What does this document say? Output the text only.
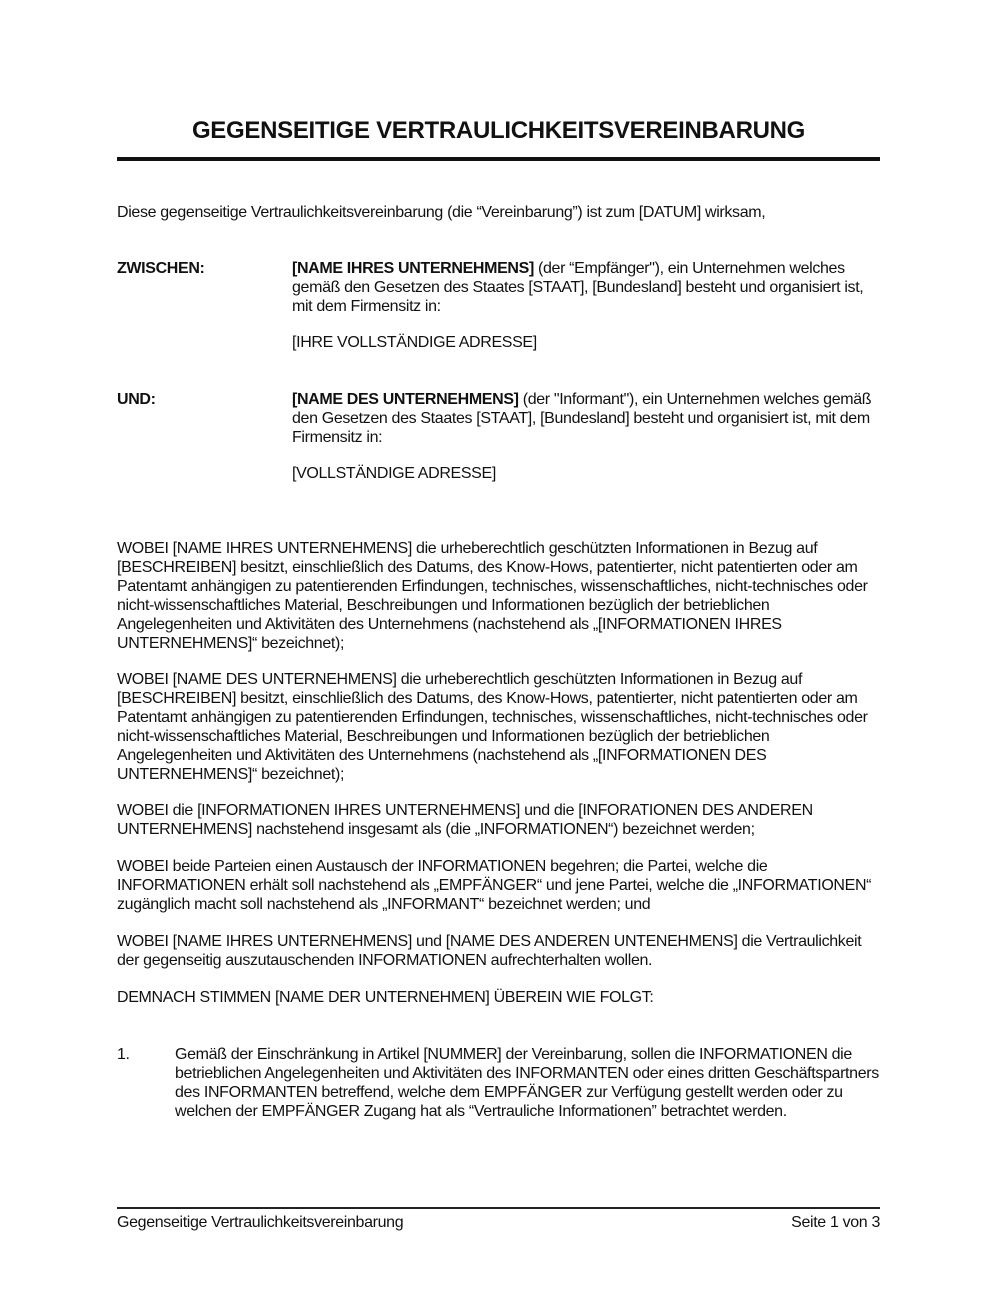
GEGENSEITIGE VERTRAULICHKEITSVEREINBARUNG
Diese gegenseitige Vertraulichkeitsvereinbarung (die “Vereinbarung”) ist zum [DATUM] wirksam,
ZWISCHEN:	[NAME IHRES UNTERNEHMENS] (der “Empfänger"), ein Unternehmen welches gemäß den Gesetzen des Staates [STAAT], [Bundesland] besteht und organisiert ist, mit dem Firmensitz in:
[IHRE VOLLSTÄNDIGE ADRESSE]
UND:	[NAME DES UNTERNEHMENS] (der "Informant"), ein Unternehmen welches gemäß den Gesetzen des Staates [STAAT], [Bundesland] besteht und organisiert ist, mit dem Firmensitz in:
[VOLLSTÄNDIGE ADRESSE]
WOBEI [NAME IHRES UNTERNEHMENS] die urheberechtlich geschützten Informationen in Bezug auf [BESCHREIBEN] besitzt, einschließlich des Datums, des Know-Hows, patentierter, nicht patentierten oder am Patentamt anhängigen zu patentierenden Erfindungen, technisches, wissenschaftliches, nicht-technisches oder nicht-wissenschaftliches Material, Beschreibungen und Informationen bezüglich der betrieblichen Angelegenheiten und Aktivitäten des Unternehmens (nachstehend als „[INFORMATIONEN IHRES UNTERNEHMENS]“ bezeichnet);
WOBEI [NAME DES UNTERNEHMENS] die urheberechtlich geschützten Informationen in Bezug auf [BESCHREIBEN] besitzt, einschließlich des Datums, des Know-Hows, patentierter, nicht patentierten oder am Patentamt anhängigen zu patentierenden Erfindungen, technisches, wissenschaftliches, nicht-technisches oder nicht-wissenschaftliches Material, Beschreibungen und Informationen bezüglich der betrieblichen Angelegenheiten und Aktivitäten des Unternehmens (nachstehend als „[INFORMATIONEN DES UNTERNEHMENS]“ bezeichnet);
WOBEI die [INFORMATIONEN IHRES UNTERNEHMENS] und die [INFORATIONEN DES ANDEREN UNTERNEHMENS] nachstehend insgesamt als (die „INFORMATIONEN“) bezeichnet werden;
WOBEI beide Parteien einen Austausch der INFORMATIONEN begehren; die Partei, welche die INFORMATIONEN erhält soll nachstehend als „EMPFÄNGER“ und jene Partei, welche die „INFORMATIONEN“ zugänglich macht soll nachstehend als „INFORMANT“ bezeichnet werden; und
WOBEI [NAME IHRES UNTERNEHMENS] und [NAME DES ANDEREN UNTENEHMENS] die Vertraulichkeit der gegenseitig auszutauschenden INFORMATIONEN aufrechterhalten wollen.
DEMNACH STIMMEN [NAME DER UNTERNEHMEN] ÜBEREIN WIE FOLGT:
1.	Gemäß der Einschränkung in Artikel [NUMMER] der Vereinbarung, sollen die INFORMATIONEN die betrieblichen Angelegenheiten und Aktivitäten des INFORMANTEN oder eines dritten Geschäftspartners des INFORMANTEN betreffend, welche dem EMPFÄNGER zur Verfügung gestellt werden oder zu welchen der EMPFÄNGER Zugang hat als “Vertrauliche Informationen” betrachtet werden.
Gegenseitige Vertraulichkeitsvereinbarung	Seite 1 von 3
